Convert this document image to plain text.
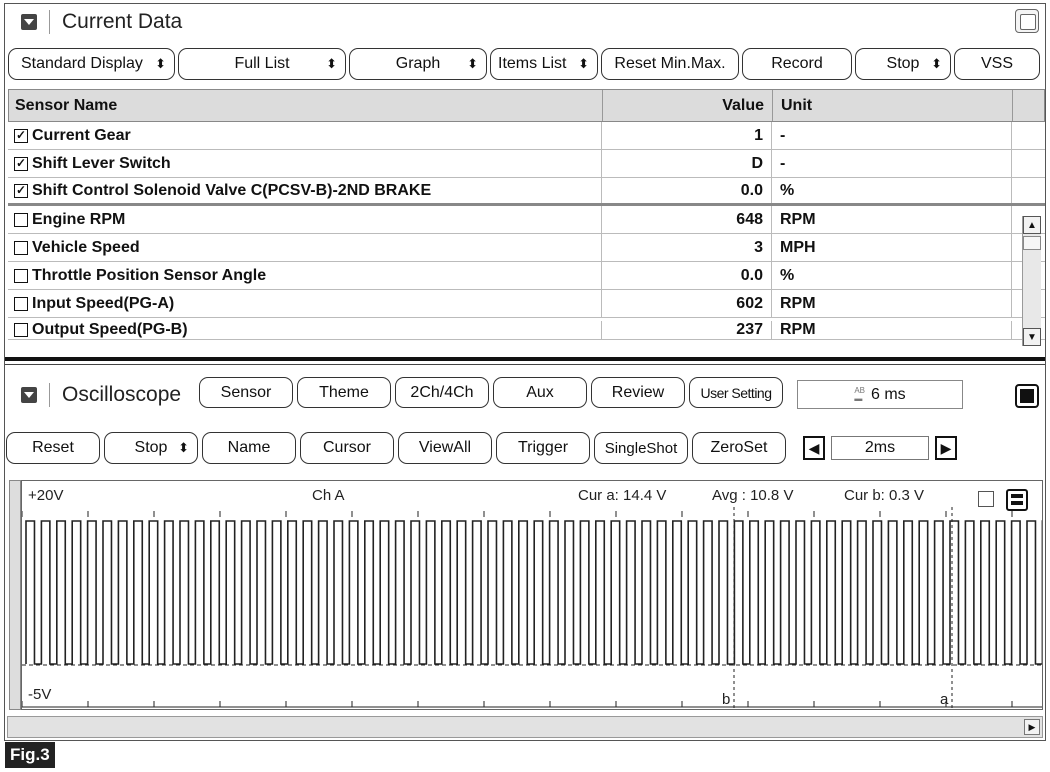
Current Data
Standard Display ⬍	Full List	⬍	Graph ⬍ Items List ⬍	Reset Min.Max.	Record	Stop ⬍	VSS
Sensor Name	Value	Unit
✓ Current Gear	1	-
✓ Shift Lever Switch	D	-
✓ Shift Control Solenoid Valve C(PCSV-B)-2ND BRAKE	0.0	%
Engine RPM	648	RPM
Vehicle Speed	3	MPH
Throttle Position Sensor Angle	0.0	%
Input Speed(PG-A)	602	RPM
Output Speed(PG-B)	237	RPM
▲
▼
Oscilloscope	Sensor	Theme	2Ch/4Ch	Aux	Review	User Setting	AB
▬ 6 ms
Reset	Stop ⬍	Name	Cursor	ViewAll	Trigger	SingleShot	ZeroSet	◀	2ms	▶
+20V
-5V
Ch A	Cur a: 14.4 V	Avg : 10.8 V	Cur b: 0.3 V
b	a
▶
Fig.3
